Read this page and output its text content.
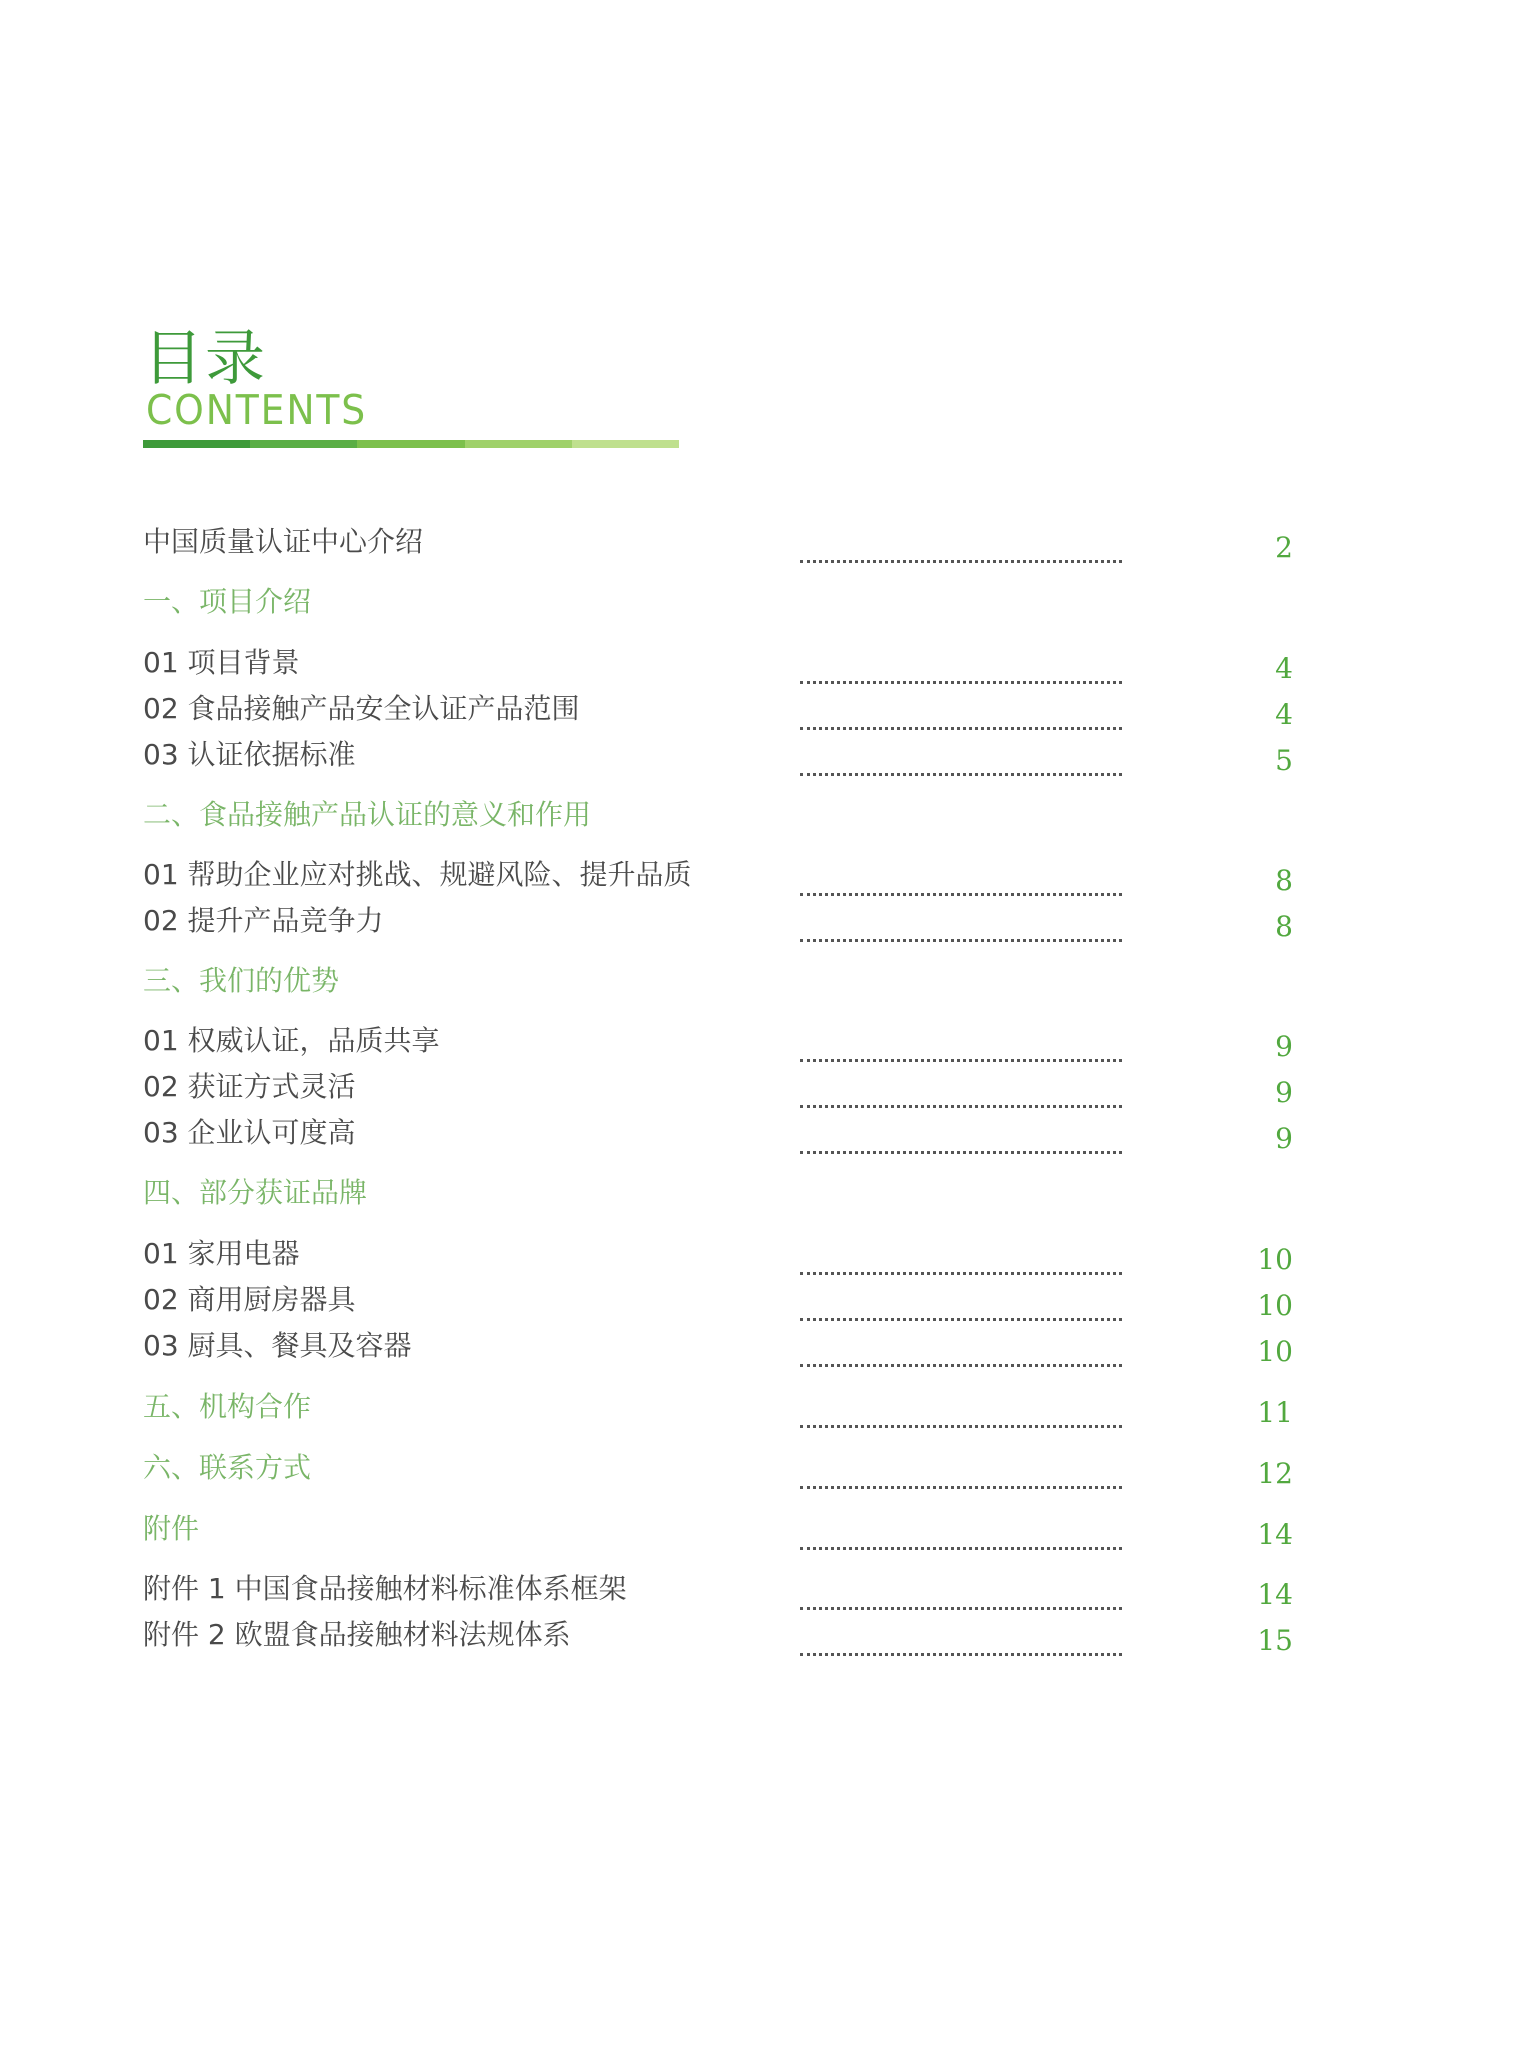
目录
CONTENTS
中国质量认证中心介绍	2
一、项目介绍
01 项目背景	4
02 食品接触产品安全认证产品范围	4
03 认证依据标准	5
二、食品接触产品认证的意义和作用
01 帮助企业应对挑战、规避风险、提升品质	8
02 提升产品竞争力	8
三、我们的优势
01 权威认证，品质共享	9
02 获证方式灵活	9
03 企业认可度高	9
四、部分获证品牌
01 家用电器	10
02 商用厨房器具	10
03 厨具、餐具及容器	10
五、机构合作	11
六、联系方式	12
附件	14
附件 1 中国食品接触材料标准体系框架	14
附件 2 欧盟食品接触材料法规体系	15
